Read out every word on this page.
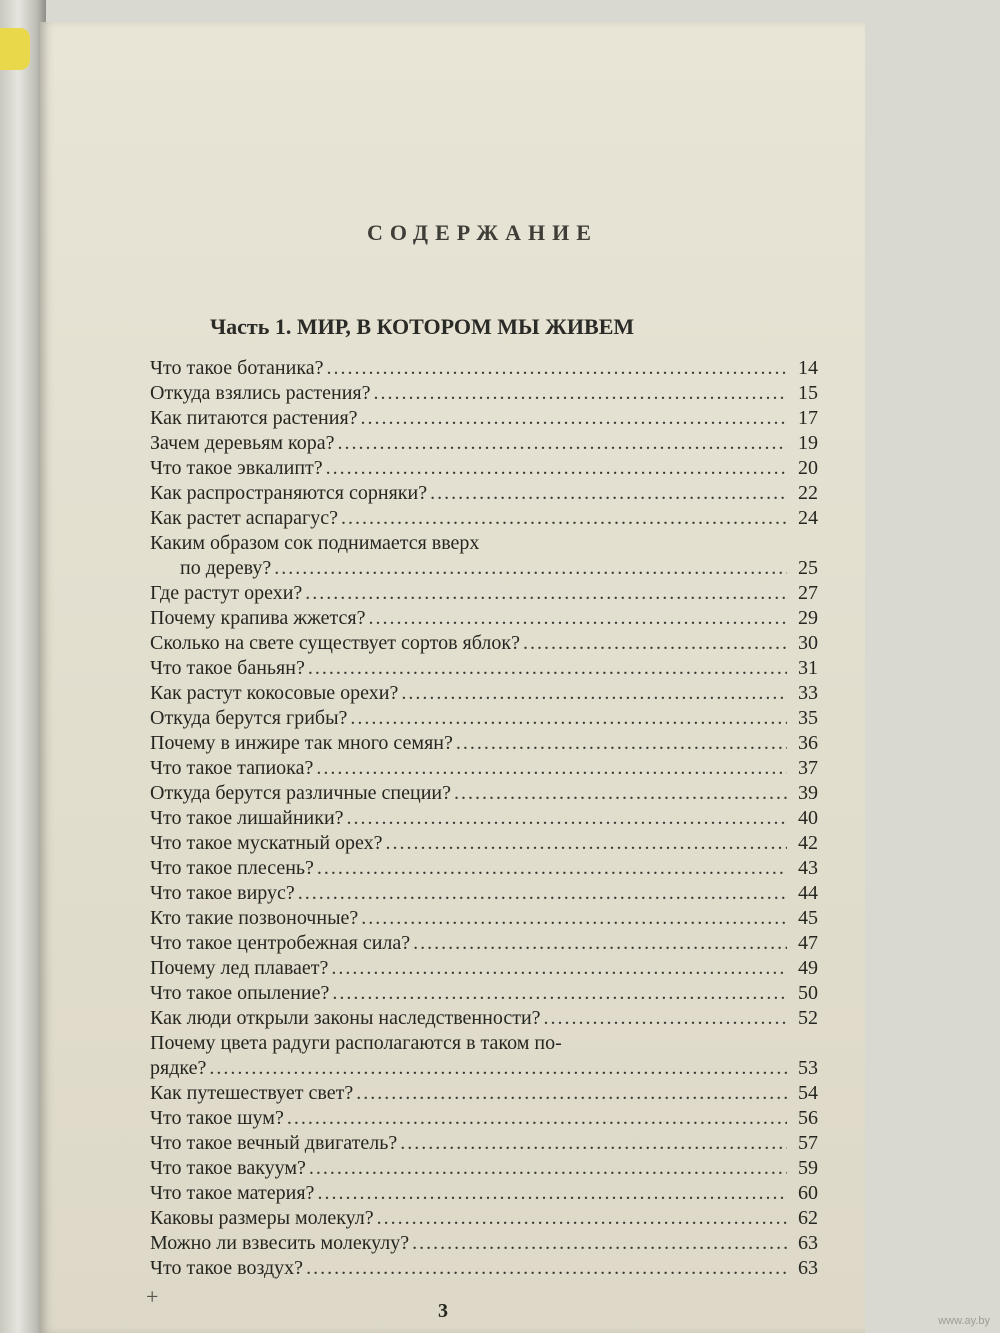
СОДЕРЖАНИЕ
Часть 1. МИР, В КОТОРОМ МЫ ЖИВЕМ
Что такое ботаника? .....	14
Откуда взялись растения? .....	15
Как питаются растения? .....	17
Зачем деревьям кора? .....	19
Что такое эвкалипт? .....	20
Как распространяются сорняки? .....	22
Как растет аспарагус? .....	24
Каким образом сок поднимается вверх
по дереву? .....	25
Где растут орехи? .....	27
Почему крапива жжется? .....	29
Сколько на свете существует сортов яблок? .....	30
Что такое баньян? .....	31
Как растут кокосовые орехи? .....	33
Откуда берутся грибы? .....	35
Почему в инжире так много семян? .....	36
Что такое тапиока? .....	37
Откуда берутся различные специи? .....	39
Что такое лишайники? .....	40
Что такое мускатный орех? .....	42
Что такое плесень? .....	43
Что такое вирус? .....	44
Кто такие позвоночные? .....	45
Что такое центробежная сила? .....	47
Почему лед плавает? .....	49
Что такое опыление? .....	50
Как люди открыли законы наследственности? .....	52
Почему цвета радуги располагаются в таком по-
рядке? .....	53
Как путешествует свет? .....	54
Что такое шум? .....	56
Что такое вечный двигатель? .....	57
Что такое вакуум? .....	59
Что такое материя? .....	60
Каковы размеры молекул? .....	62
Можно ли взвесить молекулу? .....	63
Что такое воздух? .....	63
+
3	www.ay.by
